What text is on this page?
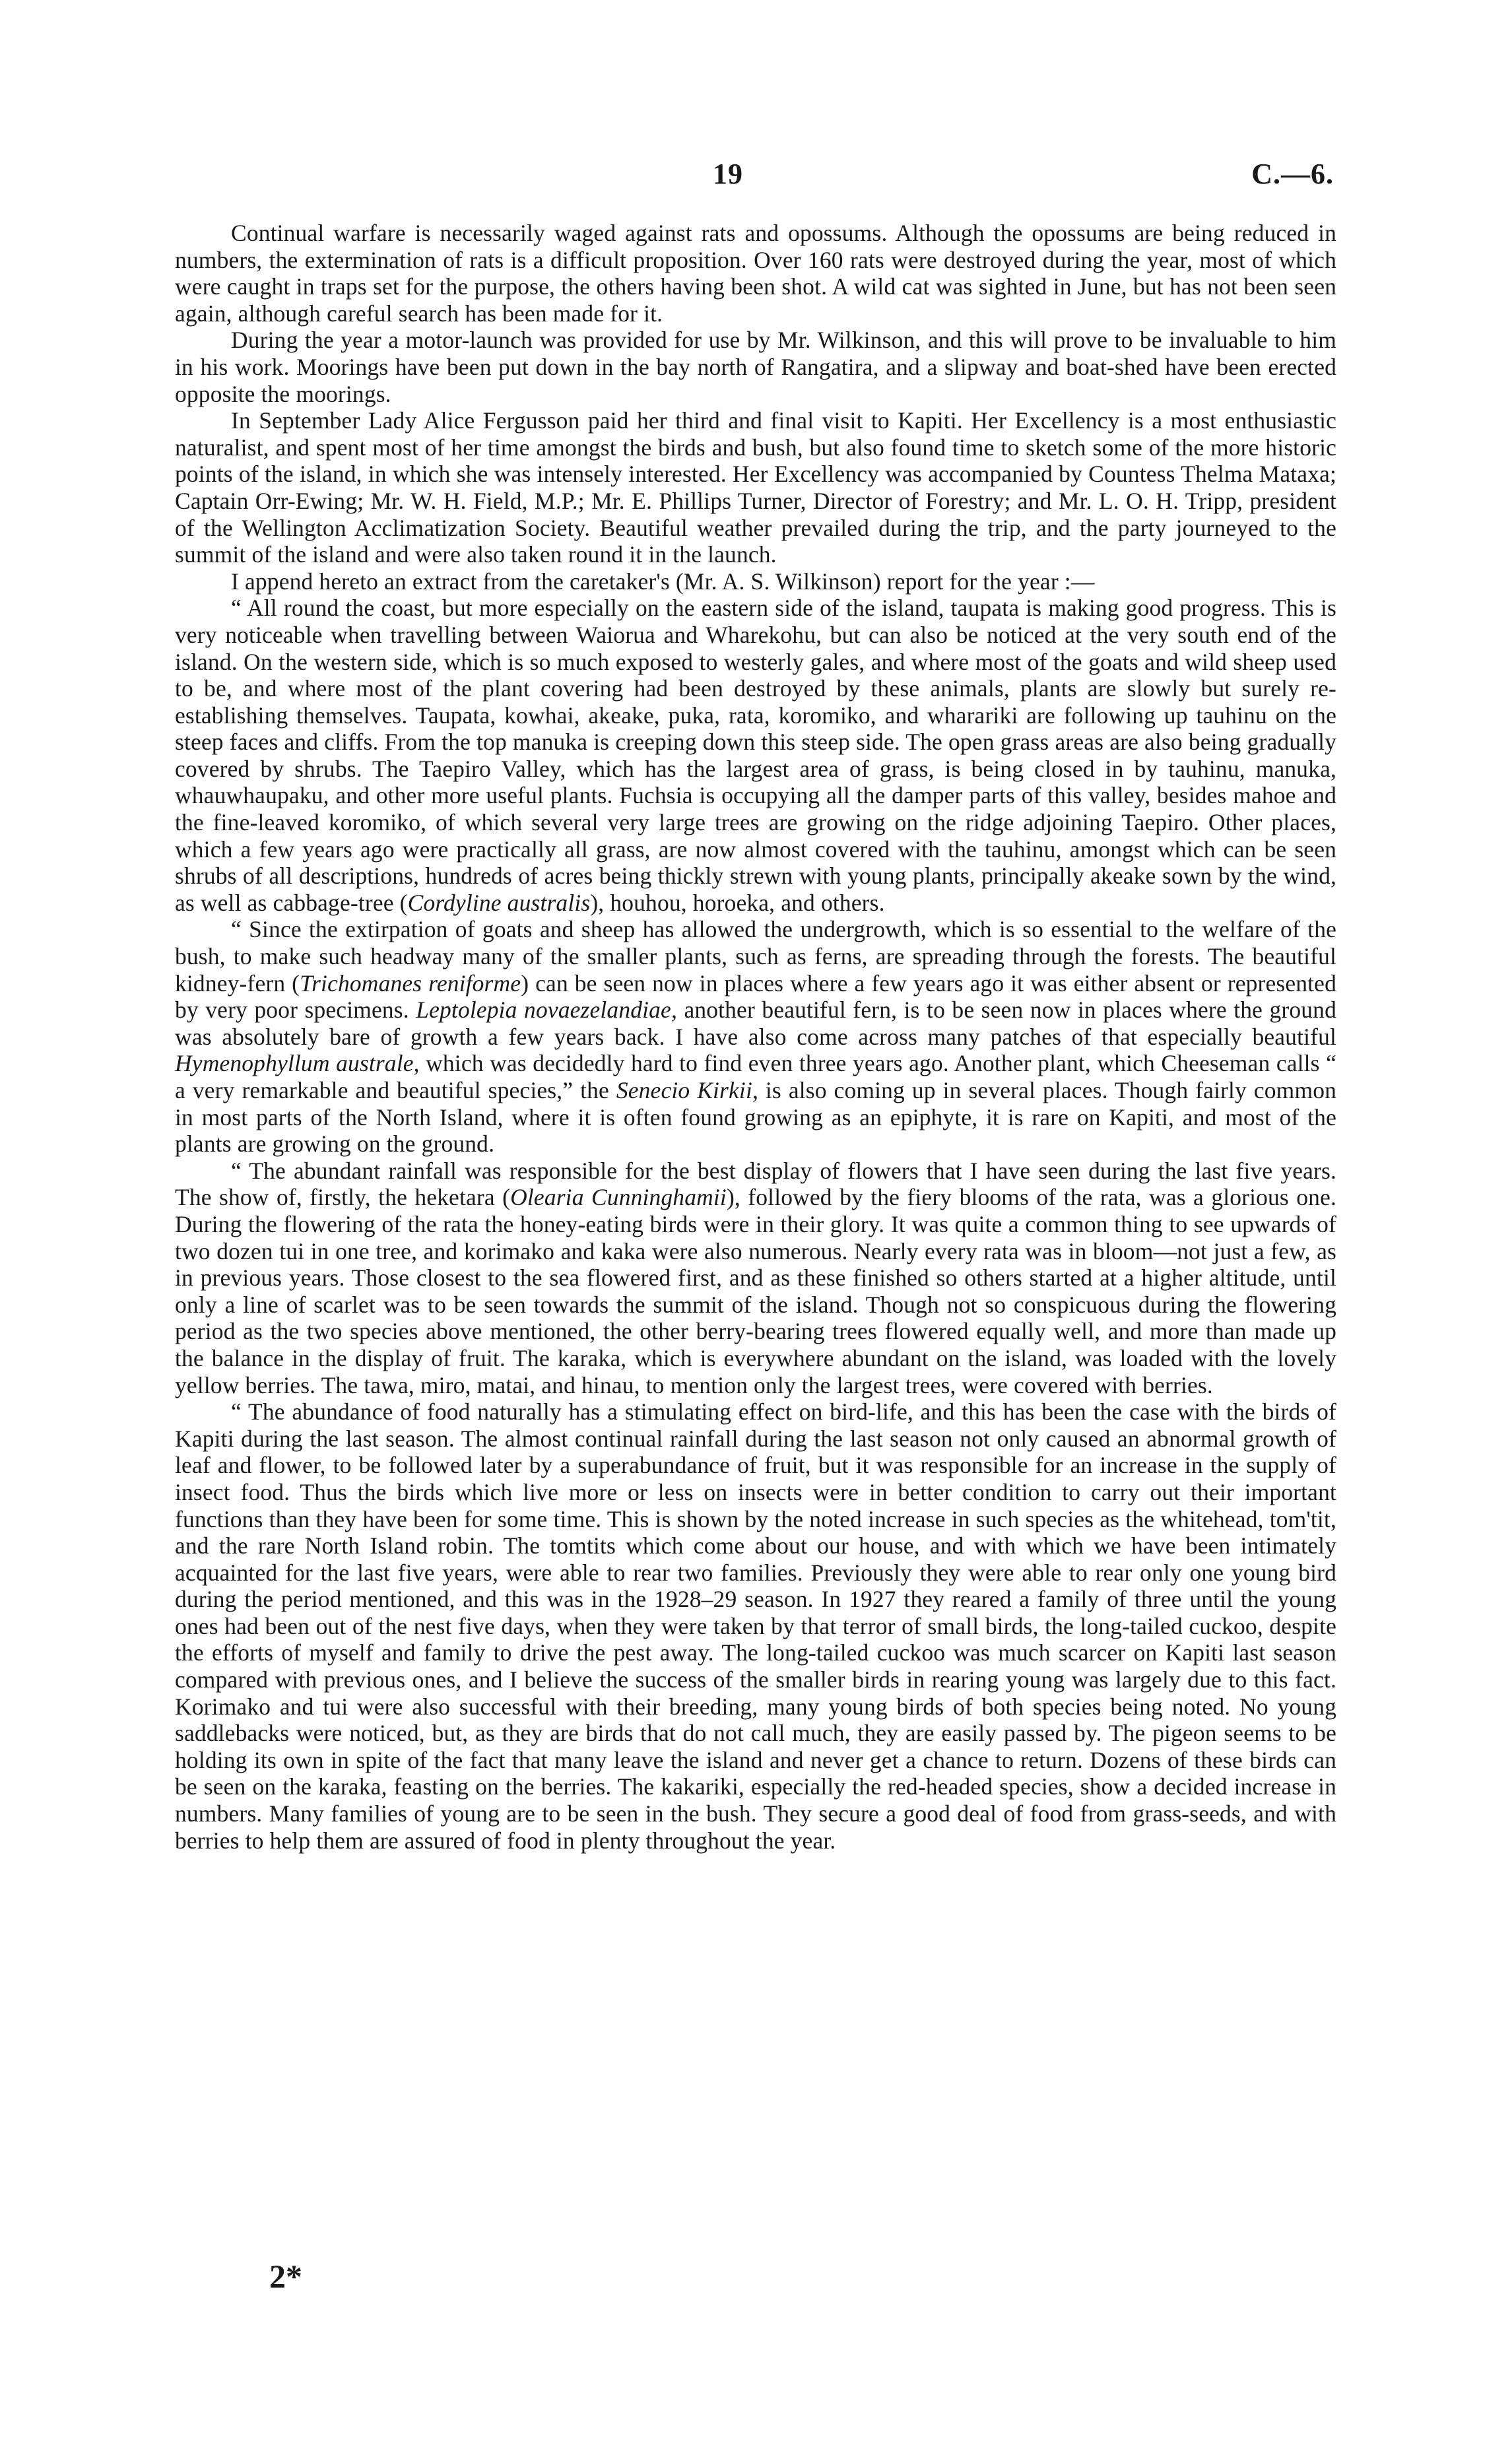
19	C.—6.

Continual warfare is necessarily waged against rats and opossums. Although the opossums are being reduced in numbers, the extermination of rats is a difficult proposition. Over 160 rats were destroyed during the year, most of which were caught in traps set for the purpose, the others having been shot. A wild cat was sighted in June, but has not been seen again, although careful search has been made for it.

During the year a motor-launch was provided for use by Mr. Wilkinson, and this will prove to be invaluable to him in his work. Moorings have been put down in the bay north of Rangatira, and a slipway and boat-shed have been erected opposite the moorings.

In September Lady Alice Fergusson paid her third and final visit to Kapiti. Her Excellency is a most enthusiastic naturalist, and spent most of her time amongst the birds and bush, but also found time to sketch some of the more historic points of the island, in which she was intensely interested. Her Excellency was accompanied by Countess Thelma Mataxa; Captain Orr-Ewing; Mr. W. H. Field, M.P.; Mr. E. Phillips Turner, Director of Forestry; and Mr. L. O. H. Tripp, president of the Wellington Acclimatization Society. Beautiful weather prevailed during the trip, and the party journeyed to the summit of the island and were also taken round it in the launch.

I append hereto an extract from the caretaker's (Mr. A. S. Wilkinson) report for the year :—

“ All round the coast, but more especially on the eastern side of the island, taupata is making good progress. This is very noticeable when travelling between Waiorua and Wharekohu, but can also be noticed at the very south end of the island. On the western side, which is so much exposed to westerly gales, and where most of the goats and wild sheep used to be, and where most of the plant covering had been destroyed by these animals, plants are slowly but surely re-establishing themselves. Taupata, kowhai, akeake, puka, rata, koromiko, and wharariki are following up tauhinu on the steep faces and cliffs. From the top manuka is creeping down this steep side. The open grass areas are also being gradually covered by shrubs. The Taepiro Valley, which has the largest area of grass, is being closed in by tauhinu, manuka, whauwhaupaku, and other more useful plants. Fuchsia is occupying all the damper parts of this valley, besides mahoe and the fine-leaved koromiko, of which several very large trees are growing on the ridge adjoining Taepiro. Other places, which a few years ago were practically all grass, are now almost covered with the tauhinu, amongst which can be seen shrubs of all descriptions, hundreds of acres being thickly strewn with young plants, principally akeake sown by the wind, as well as cabbage-tree (Cordyline australis), houhou, horoeka, and others.

“ Since the extirpation of goats and sheep has allowed the undergrowth, which is so essential to the welfare of the bush, to make such headway many of the smaller plants, such as ferns, are spreading through the forests. The beautiful kidney-fern (Trichomanes reniforme) can be seen now in places where a few years ago it was either absent or represented by very poor specimens. Leptolepia novaezelandiae, another beautiful fern, is to be seen now in places where the ground was absolutely bare of growth a few years back. I have also come across many patches of that especially beautiful Hymenophyllum australe, which was decidedly hard to find even three years ago. Another plant, which Cheeseman calls “ a very remarkable and beautiful species,” the Senecio Kirkii, is also coming up in several places. Though fairly common in most parts of the North Island, where it is often found growing as an epiphyte, it is rare on Kapiti, and most of the plants are growing on the ground.

“ The abundant rainfall was responsible for the best display of flowers that I have seen during the last five years. The show of, firstly, the heketara (Olearia Cunninghamii), followed by the fiery blooms of the rata, was a glorious one. During the flowering of the rata the honey-eating birds were in their glory. It was quite a common thing to see upwards of two dozen tui in one tree, and korimako and kaka were also numerous. Nearly every rata was in bloom—not just a few, as in previous years. Those closest to the sea flowered first, and as these finished so others started at a higher altitude, until only a line of scarlet was to be seen towards the summit of the island. Though not so conspicuous during the flowering period as the two species above mentioned, the other berry-bearing trees flowered equally well, and more than made up the balance in the display of fruit. The karaka, which is everywhere abundant on the island, was loaded with the lovely yellow berries. The tawa, miro, matai, and hinau, to mention only the largest trees, were covered with berries.

“ The abundance of food naturally has a stimulating effect on bird-life, and this has been the case with the birds of Kapiti during the last season. The almost continual rainfall during the last season not only caused an abnormal growth of leaf and flower, to be followed later by a superabundance of fruit, but it was responsible for an increase in the supply of insect food. Thus the birds which live more or less on insects were in better condition to carry out their important functions than they have been for some time. This is shown by the noted increase in such species as the whitehead, tom'tit, and the rare North Island robin. The tomtits which come about our house, and with which we have been intimately acquainted for the last five years, were able to rear two families. Previously they were able to rear only one young bird during the period mentioned, and this was in the 1928–29 season. In 1927 they reared a family of three until the young ones had been out of the nest five days, when they were taken by that terror of small birds, the long-tailed cuckoo, despite the efforts of myself and family to drive the pest away. The long-tailed cuckoo was much scarcer on Kapiti last season compared with previous ones, and I believe the success of the smaller birds in rearing young was largely due to this fact. Korimako and tui were also successful with their breeding, many young birds of both species being noted. No young saddlebacks were noticed, but, as they are birds that do not call much, they are easily passed by. The pigeon seems to be holding its own in spite of the fact that many leave the island and never get a chance to return. Dozens of these birds can be seen on the karaka, feasting on the berries. The kakariki, especially the red-headed species, show a decided increase in numbers. Many families of young are to be seen in the bush. They secure a good deal of food from grass-seeds, and with berries to help them are assured of food in plenty throughout the year.

2*
